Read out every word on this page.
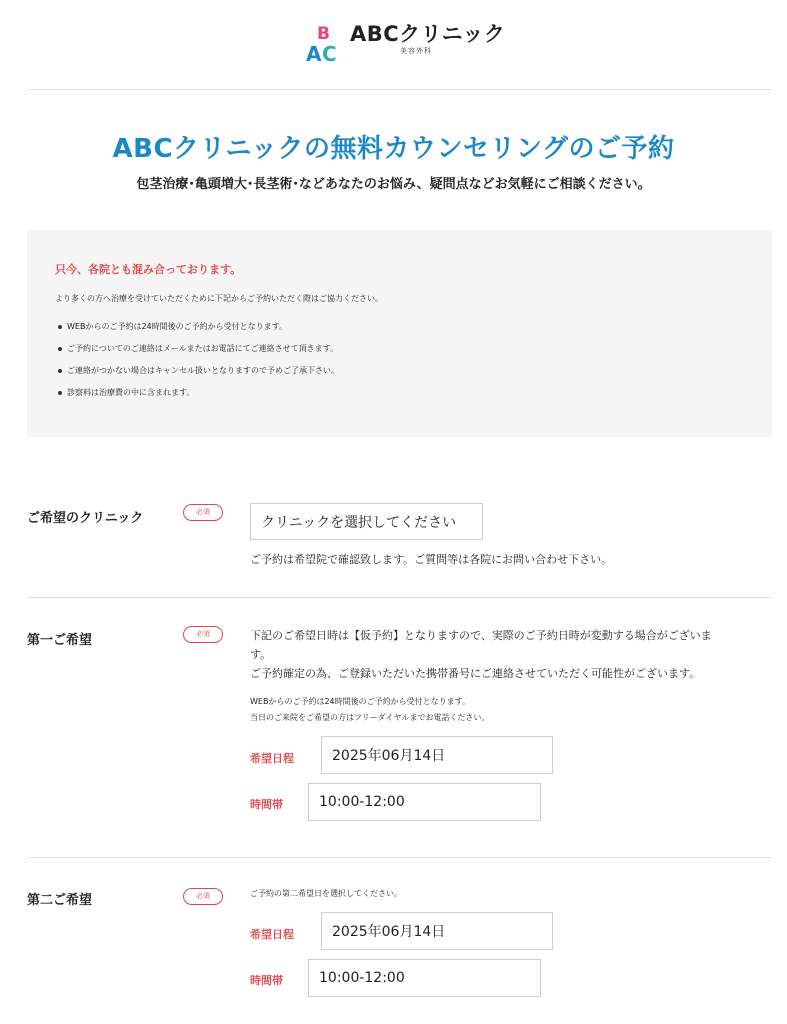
B
A C
ABCクリニック
美容外科
ABCクリニックの無料カウンセリングのご予約
包茎治療･亀頭増大･長茎術･などあなたのお悩み、疑問点などお気軽にご相談ください。
只今、各院とも混み合っております。
より多くの方へ治療を受けていただくために下記からご予約いただく際はご協力ください。
WEBからのご予約は24時間後のご予約から受付となります。
ご予約についてのご連絡はメールまたはお電話にてご連絡させて頂きます。
ご連絡がつかない場合はキャンセル扱いとなりますので予めご了承下さい。
診察料は治療費の中に含まれます。
ご希望のクリニック	必須
クリニックを選択してください
ご予約は希望院で確認致します。ご質問等は各院にお問い合わせ下さい。
第一ご希望	必須	下記のご希望日時は【仮予約】となりますので、実際のご予約日時が変動する場合がございま
す。
ご予約確定の為、ご登録いただいた携帯番号にご連絡させていただく可能性がございます。
WEBからのご予約は24時間後のご予約から受付となります。
当日のご来院をご希望の方はフリーダイヤルまでお電話ください。
希望日程	2025年06月14日
時間帯	10:00-12:00
第二ご希望	必須	ご予約の第二希望日を選択してください。
希望日程	2025年06月14日
時間帯	10:00-12:00
